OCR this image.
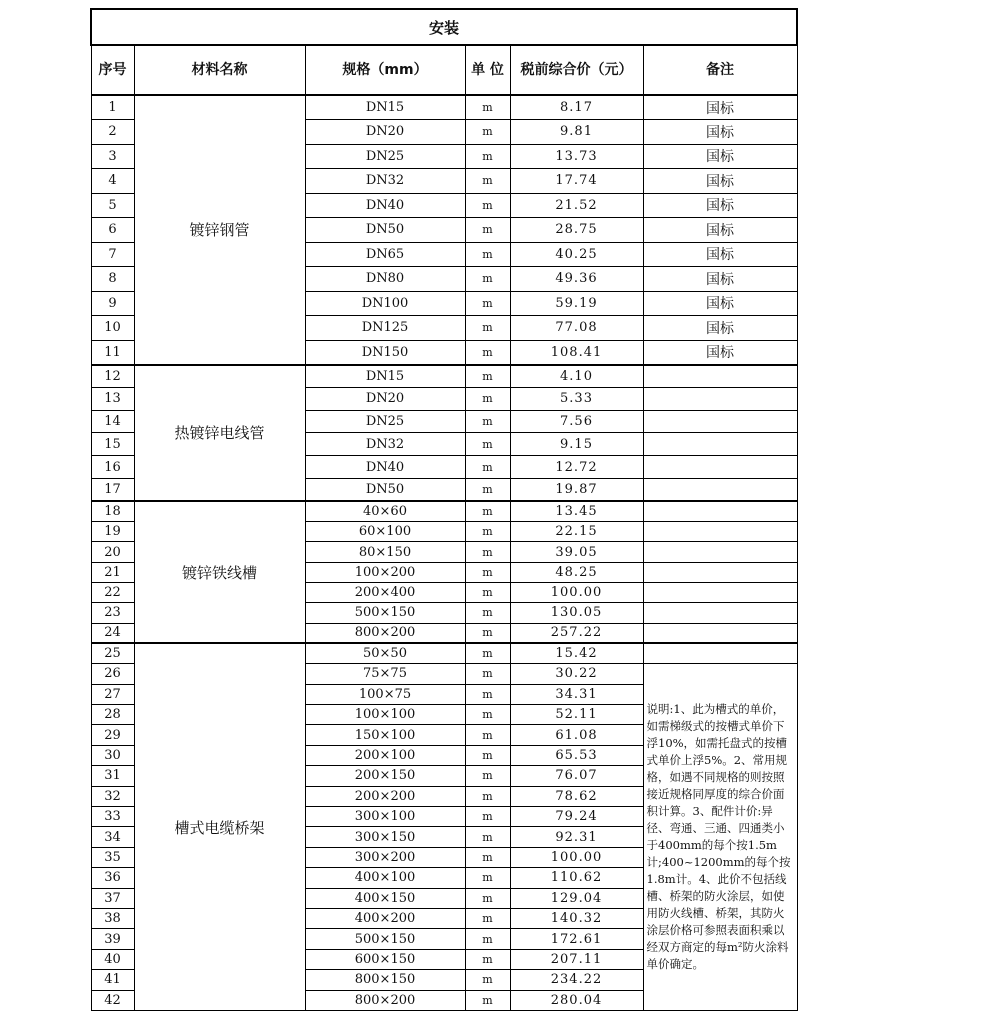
安装					
序号	材料名称	规格（mm）	单 位	税前综合价（元）	备注
1	镀锌钢管	DN15	m	8.17	国标
2		DN20	m	9.81	国标
3		DN25	m	13.73	国标
4		DN32	m	17.74	国标
5		DN40	m	21.52	国标
6		DN50	m	28.75	国标
7		DN65	m	40.25	国标
8		DN80	m	49.36	国标
9		DN100	m	59.19	国标
10		DN125	m	77.08	国标
11		DN150	m	108.41	国标
12	热镀锌电线管	DN15	m	4.10	
13		DN20	m	5.33	
14		DN25	m	7.56	
15		DN32	m	9.15	
16		DN40	m	12.72	
17		DN50	m	19.87	
18	镀锌铁线槽	40×60	m	13.45	
19		60×100	m	22.15	
20		80×150	m	39.05	
21		100×200	m	48.25	
22		200×400	m	100.00	
23		500×150	m	130.05	
24		800×200	m	257.22	
25	槽式电缆桥架	50×50	m	15.42	
26		75×75	m	30.22	说明:1、此为槽式的单价，如需梯级式的按槽式单价下浮10%，如需托盘式的按槽式单价上浮5%。2、常用规格，如遇不同规格的则按照接近规格同厚度的综合价面积计算。3、配件计价:异径、弯通、三通、四通类小于400mm的每个按1.5m计;400~1200mm的每个按1.8m计。4、此价不包括线槽、桥架的防火涂层，如使用防火线槽、桥架，其防火涂层价格可参照表面积乘以经双方商定的每m²防火涂料单价确定。
27		100×75	m	34.31	
28		100×100	m	52.11	
29		150×100	m	61.08	
30		200×100	m	65.53	
31		200×150	m	76.07	
32		200×200	m	78.62	
33		300×100	m	79.24	
34		300×150	m	92.31	
35		300×200	m	100.00	
36		400×100	m	110.62	
37		400×150	m	129.04	
38		400×200	m	140.32	
39		500×150	m	172.61	
40		600×150	m	207.11	
41		800×150	m	234.22	
42		800×200	m	280.04	
